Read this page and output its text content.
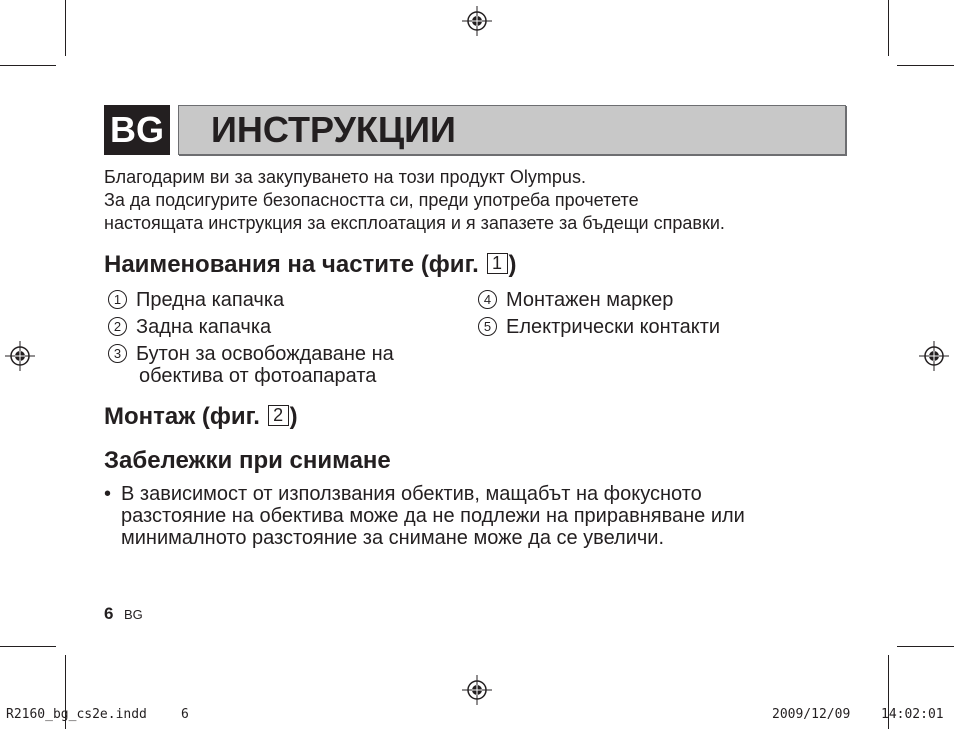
BG ИНСТРУКЦИИ
Благодарим ви за закупуването на този продукт Olympus.
За да подсигурите безопасността си, преди употреба прочетете
настоящата инструкция за експлоатация и я запазете за бъдещи справки.
Наименования на частите (фиг. 1 )
1 Предна капачка
2 Задна капачка
3 Бутон за освобождаване на
обектива от фотоапарата
4 Монтажен маркер
5 Електрически контакти
Монтаж (фиг. 2 )
Забележки при снимане
• В зависимост от използвания обектив, мащабът на фокусното
разстояние на обектива може да не подлежи на приравняване или
минималното разстояние за снимане може да се увеличи.
6 BG
R2160_bg_cs2e.indd	6	2009/12/09 14:02:01
